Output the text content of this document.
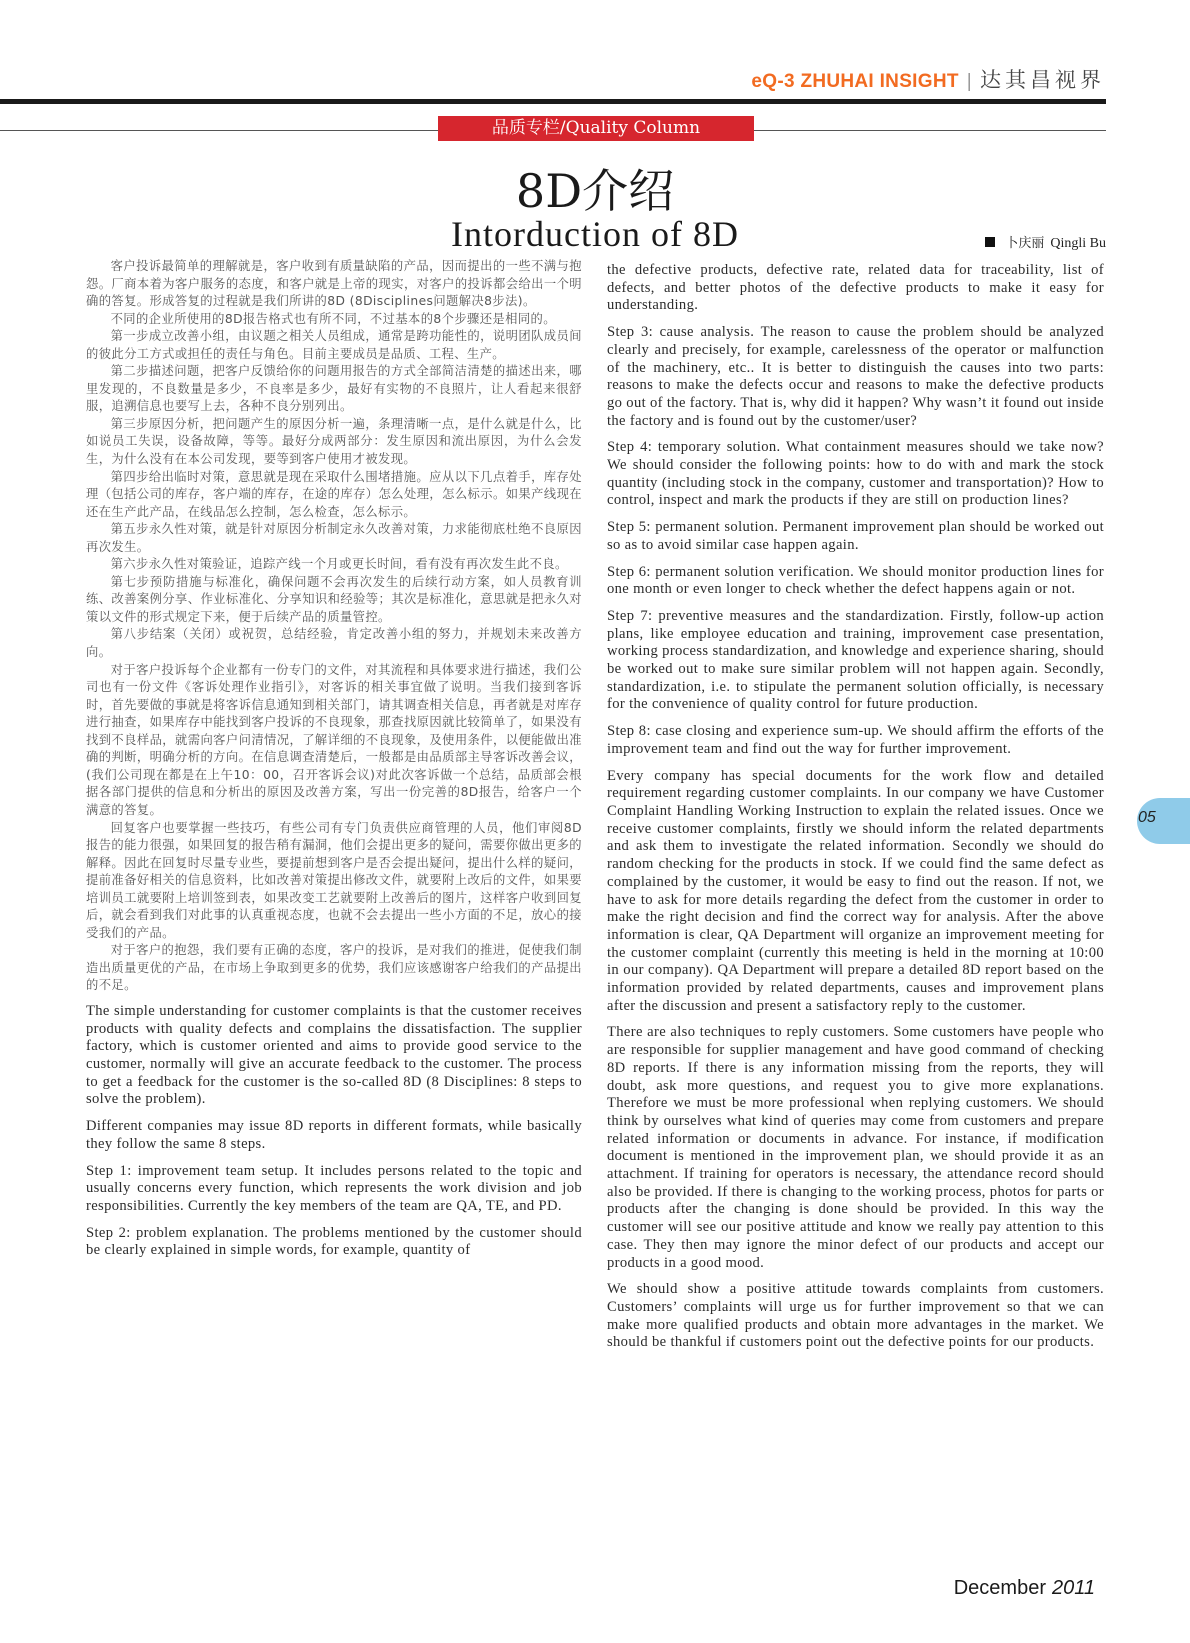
eQ-3 ZHUHAI INSIGHT | 达其昌视界
品质专栏/Quality Column
8D介绍
Intorduction of 8D	卜庆丽 Qingli Bu

客户投诉最简单的理解就是，客户收到有质量缺陷的产品，因而提出的一些不满与抱怨。厂商本着为客户服务的态度，和客户就是上帝的现实，对客户的投诉都会给出一个明确的答复。形成答复的过程就是我们所讲的8D (8Disciplines问题解决8步法)。

不同的企业所使用的8D报告格式也有所不同，不过基本的8个步骤还是相同的。

第一步成立改善小组，由议题之相关人员组成，通常是跨功能性的，说明团队成员间的彼此分工方式或担任的责任与角色。目前主要成员是品质、工程、生产。

第二步描述问题，把客户反馈给你的问题用报告的方式全部简洁清楚的描述出来，哪里发现的，不良数量是多少，不良率是多少，最好有实物的不良照片，让人看起来很舒服，追溯信息也要写上去，各种不良分别列出。

第三步原因分析，把问题产生的原因分析一遍，条理清晰一点，是什么就是什么，比如说员工失误，设备故障，等等。最好分成两部分：发生原因和流出原因，为什么会发生，为什么没有在本公司发现，要等到客户使用才被发现。

第四步给出临时对策，意思就是现在采取什么围堵措施。应从以下几点着手，库存处理（包括公司的库存，客户端的库存，在途的库存）怎么处理，怎么标示。如果产线现在还在生产此产品，在线品怎么控制，怎么检查，怎么标示。

第五步永久性对策，就是针对原因分析制定永久改善对策，力求能彻底杜绝不良原因再次发生。

第六步永久性对策验证，追踪产线一个月或更长时间，看有没有再次发生此不良。

第七步预防措施与标准化，确保问题不会再次发生的后续行动方案，如人员教育训练、改善案例分享、作业标准化、分享知识和经验等；其次是标准化，意思就是把永久对策以文件的形式规定下来，便于后续产品的质量管控。

第八步结案（关闭）或祝贺，总结经验，肯定改善小组的努力，并规划未来改善方向。

对于客户投诉每个企业都有一份专门的文件，对其流程和具体要求进行描述，我们公司也有一份文件《客诉处理作业指引》，对客诉的相关事宜做了说明。当我们接到客诉时，首先要做的事就是将客诉信息通知到相关部门，请其调查相关信息，再者就是对库存进行抽查，如果库存中能找到客户投诉的不良现象，那查找原因就比较简单了，如果没有找到不良样品，就需向客户问清情况，了解详细的不良现象，及使用条件，以便能做出准确的判断，明确分析的方向。在信息调查清楚后，一般都是由品质部主导客诉改善会议，(我们公司现在都是在上午10：00，召开客诉会议)对此次客诉做一个总结，品质部会根据各部门提供的信息和分析出的原因及改善方案，写出一份完善的8D报告，给客户一个满意的答复。

回复客户也要掌握一些技巧，有些公司有专门负责供应商管理的人员，他们审阅8D报告的能力很强，如果回复的报告稍有漏洞，他们会提出更多的疑问，需要你做出更多的解释。因此在回复时尽量专业些，要提前想到客户是否会提出疑问，提出什么样的疑问，提前准备好相关的信息资料，比如改善对策提出修改文件，就要附上改后的文件，如果要培训员工就要附上培训签到表，如果改变工艺就要附上改善后的图片，这样客户收到回复后，就会看到我们对此事的认真重视态度，也就不会去提出一些小方面的不足，放心的接受我们的产品。

对于客户的抱怨，我们要有正确的态度，客户的投诉，是对我们的推进，促使我们制造出质量更优的产品，在市场上争取到更多的优势，我们应该感谢客户给我们的产品提出的不足。

The simple understanding for customer complaints is that the customer receives products with quality defects and complains the dissatisfaction. The supplier factory, which is customer oriented and aims to provide good service to the customer, normally will give an accurate feedback to the customer. The process to get a feedback for the customer is the so-called 8D (8 Disciplines: 8 steps to solve the problem).

Different companies may issue 8D reports in different formats, while basically they follow the same 8 steps.

Step 1: improvement team setup. It includes persons related to the topic and usually concerns every function, which represents the work division and job responsibilities. Currently the key members of the team are QA, TE, and PD.

Step 2: problem explanation. The problems mentioned by the customer should be clearly explained in simple words, for example, quantity of

the defective products, defective rate, related data for traceability, list of defects, and better photos of the defective products to make it easy for understanding.

Step 3: cause analysis. The reason to cause the problem should be analyzed clearly and precisely, for example, carelessness of the operator or malfunction of the machinery, etc.. It is better to distinguish the causes into two parts: reasons to make the defects occur and reasons to make the defective products go out of the factory. That is, why did it happen? Why wasn’t it found out inside the factory and is found out by the customer/user?

Step 4: temporary solution. What containment measures should we take now? We should consider the following points: how to do with and mark the stock quantity (including stock in the company, customer and transportation)? How to control, inspect and mark the products if they are still on production lines?

Step 5: permanent solution. Permanent improvement plan should be worked out so as to avoid similar case happen again.

Step 6: permanent solution verification. We should monitor production lines for one month or even longer to check whether the defect happens again or not.

Step 7: preventive measures and the standardization. Firstly, follow-up action plans, like employee education and training, improvement case presentation, working process standardization, and knowledge and experience sharing, should be worked out to make sure similar problem will not happen again. Secondly, standardization, i.e. to stipulate the permanent solution officially, is necessary for the convenience of quality control for future production.

Step 8: case closing and experience sum-up. We should affirm the efforts of the improvement team and find out the way for further improvement.

Every company has special documents for the work flow and detailed requirement regarding customer complaints. In our company we have Customer Complaint Handling Working Instruction to explain the related issues. Once we receive customer complaints, firstly we should inform the related departments and ask them to investigate the related information. Secondly we should do random checking for the products in stock. If we could find the same defect as complained by the customer, it would be easy to find out the reason. If not, we have to ask for more details regarding the defect from the customer in order to make the right decision and find the correct way for analysis. After the above information is clear, QA Department will organize an improvement meeting for the customer complaint (currently this meeting is held in the morning at 10:00 in our company). QA Department will prepare a detailed 8D report based on the information provided by related departments, causes and improvement plans after the discussion and present a satisfactory reply to the customer.

There are also techniques to reply customers. Some customers have people who are responsible for supplier management and have good command of checking 8D reports. If there is any information missing from the reports, they will doubt, ask more questions, and request you to give more explanations. Therefore we must be more professional when replying customers. We should think by ourselves what kind of queries may come from customers and prepare related information or documents in advance. For instance, if modification document is mentioned in the improvement plan, we should provide it as an attachment. If training for operators is necessary, the attendance record should also be provided. If there is changing to the working process, photos for parts or products after the changing is done should be provided. In this way the customer will see our positive attitude and know we really pay attention to this case. They then may ignore the minor defect of our products and accept our products in a good mood.

We should show a positive attitude towards complaints from customers. Customers’ complaints will urge us for further improvement so that we can make more qualified products and obtain more advantages in the market. We should be thankful if customers point out the defective points for our products.

05
December 2011
